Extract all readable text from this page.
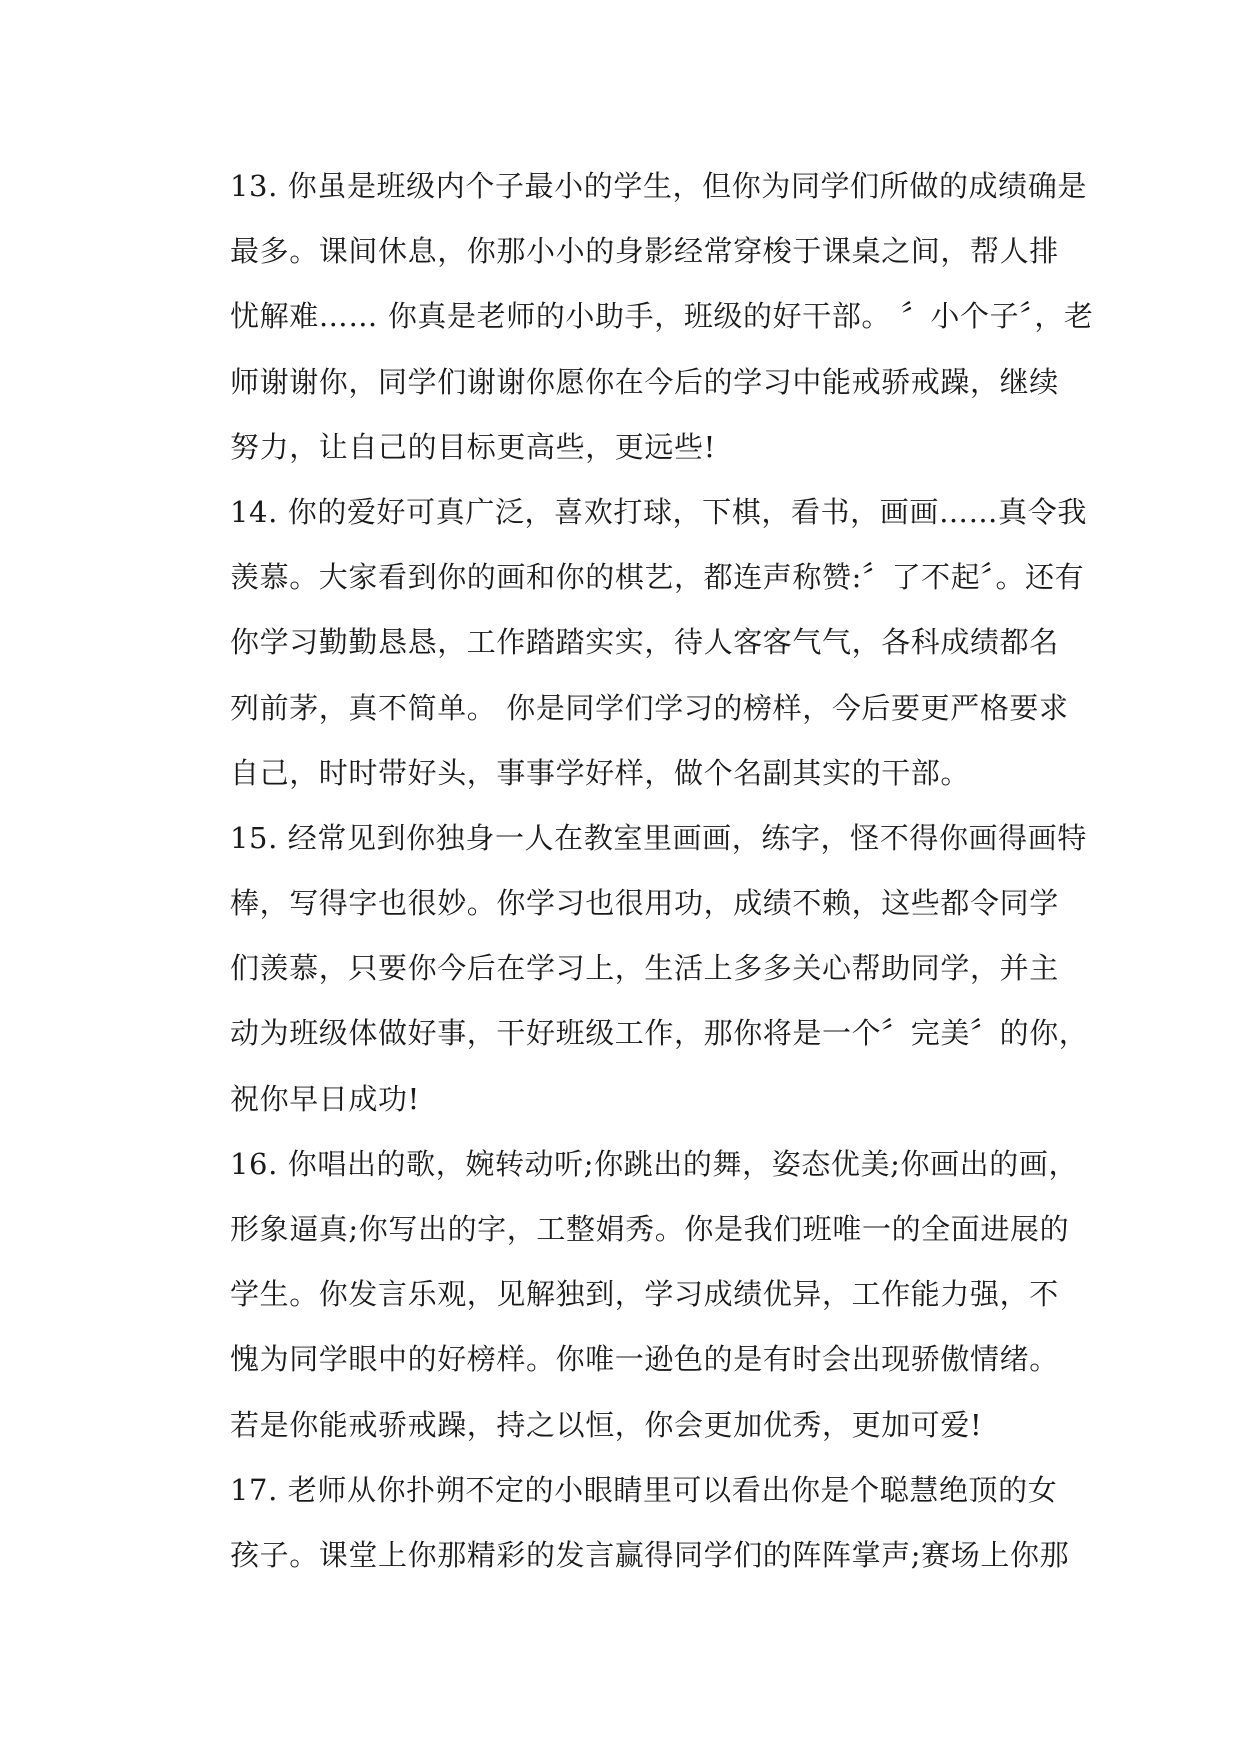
13. 你虽是班级内个子最小的学生，但你为同学们所做的成绩确是
最多。课间休息，你那小小的身影经常穿梭于课桌之间，帮人排
忧解难…… 你真是老师的小助手，班级的好干部。 〞小个子〞，老
师谢谢你，同学们谢谢你愿你在今后的学习中能戒骄戒躁，继续
努力，让自己的目标更高些，更远些!
14. 你的爱好可真广泛，喜欢打球，下棋，看书，画画……真令我
羡慕。大家看到你的画和你的棋艺，都连声称赞:〞了不起〞。还有
你学习勤勤恳恳，工作踏踏实实，待人客客气气，各科成绩都名
列前茅，真不简单。 你是同学们学习的榜样，今后要更严格要求
自己，时时带好头，事事学好样，做个名副其实的干部。
15. 经常见到你独身一人在教室里画画，练字，怪不得你画得画特
棒，写得字也很妙。你学习也很用功，成绩不赖，这些都令同学
们羡慕，只要你今后在学习上，生活上多多关心帮助同学，并主
动为班级体做好事，干好班级工作，那你将是一个〞完美〞的你，
祝你早日成功!
16. 你唱出的歌，婉转动听;你跳出的舞，姿态优美;你画出的画，
形象逼真;你写出的字，工整娟秀。你是我们班唯一的全面进展的
学生。你发言乐观，见解独到，学习成绩优异，工作能力强，不
愧为同学眼中的好榜样。你唯一逊色的是有时会出现骄傲情绪。
若是你能戒骄戒躁，持之以恒，你会更加优秀，更加可爱!
17. 老师从你扑朔不定的小眼睛里可以看出你是个聪慧绝顶的女
孩子。课堂上你那精彩的发言赢得同学们的阵阵掌声;赛场上你那
